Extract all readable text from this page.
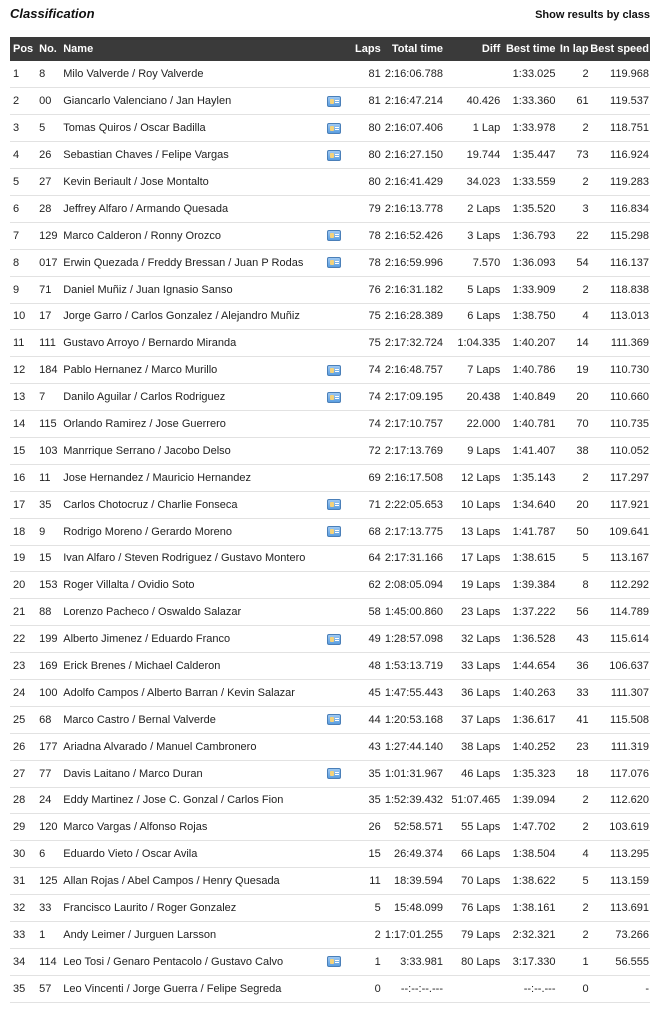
Classification	Show results by class
Pos	No.	Name		Laps	Total time	Diff	Best time	In lap	Best speed
1	8	Milo Valverde / Roy Valverde		81	2:16:06.788		1:33.025	2	119.968
2	00	Giancarlo Valenciano / Jan Haylen		81	2:16:47.214	40.426	1:33.360	61	119.537
3	5	Tomas Quiros / Oscar Badilla		80	2:16:07.406	1 Lap	1:33.978	2	118.751
4	26	Sebastian Chaves / Felipe Vargas		80	2:16:27.150	19.744	1:35.447	73	116.924
5	27	Kevin Beriault / Jose Montalto		80	2:16:41.429	34.023	1:33.559	2	119.283
6	28	Jeffrey Alfaro / Armando Quesada		79	2:16:13.778	2 Laps	1:35.520	3	116.834
7	129	Marco Calderon / Ronny Orozco		78	2:16:52.426	3 Laps	1:36.793	22	115.298
8	017	Erwin Quezada / Freddy Bressan / Juan P Rodas		78	2:16:59.996	7.570	1:36.093	54	116.137
9	71	Daniel Muñiz / Juan Ignasio Sanso		76	2:16:31.182	5 Laps	1:33.909	2	118.838
10	17	Jorge Garro / Carlos Gonzalez / Alejandro Muñiz		75	2:16:28.389	6 Laps	1:38.750	4	113.013
11	111	Gustavo Arroyo / Bernardo Miranda		75	2:17:32.724	1:04.335	1:40.207	14	111.369
12	184	Pablo Hernanez / Marco Murillo		74	2:16:48.757	7 Laps	1:40.786	19	110.730
13	7	Danilo Aguilar / Carlos Rodriguez		74	2:17:09.195	20.438	1:40.849	20	110.660
14	115	Orlando Ramirez / Jose Guerrero		74	2:17:10.757	22.000	1:40.781	70	110.735
15	103	Manrrique Serrano / Jacobo Delso		72	2:17:13.769	9 Laps	1:41.407	38	110.052
16	11	Jose Hernandez / Mauricio Hernandez		69	2:16:17.508	12 Laps	1:35.143	2	117.297
17	35	Carlos Chotocruz / Charlie Fonseca		71	2:22:05.653	10 Laps	1:34.640	20	117.921
18	9	Rodrigo Moreno / Gerardo Moreno		68	2:17:13.775	13 Laps	1:41.787	50	109.641
19	15	Ivan Alfaro / Steven Rodriguez / Gustavo Montero		64	2:17:31.166	17 Laps	1:38.615	5	113.167
20	153	Roger Villalta / Ovidio Soto		62	2:08:05.094	19 Laps	1:39.384	8	112.292
21	88	Lorenzo Pacheco / Oswaldo Salazar		58	1:45:00.860	23 Laps	1:37.222	56	114.789
22	199	Alberto Jimenez / Eduardo Franco		49	1:28:57.098	32 Laps	1:36.528	43	115.614
23	169	Erick Brenes / Michael Calderon		48	1:53:13.719	33 Laps	1:44.654	36	106.637
24	100	Adolfo Campos / Alberto Barran / Kevin Salazar		45	1:47:55.443	36 Laps	1:40.263	33	111.307
25	68	Marco Castro / Bernal Valverde		44	1:20:53.168	37 Laps	1:36.617	41	115.508
26	177	Ariadna Alvarado / Manuel Cambronero		43	1:27:44.140	38 Laps	1:40.252	23	111.319
27	77	Davis Laitano / Marco Duran		35	1:01:31.967	46 Laps	1:35.323	18	117.076
28	24	Eddy Martinez / Jose C. Gonzal / Carlos Fion		35	1:52:39.432	51:07.465	1:39.094	2	112.620
29	120	Marco Vargas / Alfonso Rojas		26	52:58.571	55 Laps	1:47.702	2	103.619
30	6	Eduardo Vieto / Oscar Avila		15	26:49.374	66 Laps	1:38.504	4	113.295
31	125	Allan Rojas / Abel Campos / Henry Quesada		11	18:39.594	70 Laps	1:38.622	5	113.159
32	33	Francisco Laurito / Roger Gonzalez		5	15:48.099	76 Laps	1:38.161	2	113.691
33	1	Andy Leimer / Jurguen Larsson		2	1:17:01.255	79 Laps	2:32.321	2	73.266
34	114	Leo Tosi / Genaro Pentacolo / Gustavo Calvo		1	3:33.981	80 Laps	3:17.330	1	56.555
35	57	Leo Vincenti / Jorge Guerra / Felipe Segreda		0	--:--:--.---		--:--.---	0	-
